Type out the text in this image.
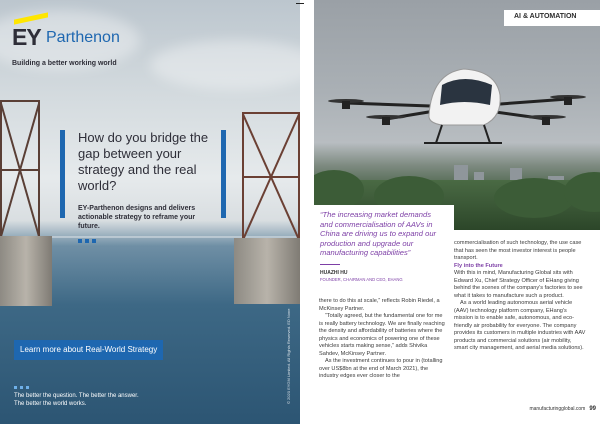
EY Parthenon
Building a better working world
How do you bridge the gap between your strategy and the real world?
EY-Parthenon designs and delivers actionable strategy to reframe your future.
Learn more about Real-World Strategy
The better the question. The better the answer.
The better the world works.	© 2020 EYGM Limited. All Rights Reserved. ED None
AI & AUTOMATION
“The increasing market demands and commercialisation of AAVs in China are driving us to expand our production and upgrade our manufacturing capabilities”
HUAZHI HU
FOUNDER, CHAIRMAN AND CEO, EHANG

there to do this at scale,” reflects Robin Riedel, a McKinsey Partner.

“Totally agreed, but the fundamental one for me is really battery technology. We are finally reaching the density and affordability of batteries where the physics and economics of powering one of these vehicles starts making sense,” adds Shivika Sahdev, McKinsey Partner.

As the investment continues to pour in (totalling over US$8bn at the end of March 2021), the industry edges ever closer to the

commercialisation of such technology, the use case that has seen the most investor interest is people transport.

Fly into the Future

With this in mind, Manufacturing Global sits with Edward Xu, Chief Strategy Officer of EHang giving behind the scenes of the company's factories to see what it takes to manufacture such a product.

As a world leading autonomous aerial vehicle (AAV) technology platform company, EHang's mission is to enable safe, autonomous, and eco-friendly air probability for everyone. The company provides its customers in multiple industries with AAV products and commercial solutions (air mobility, smart city management, and aerial media solutions).

manufacturingglobal.com 99
